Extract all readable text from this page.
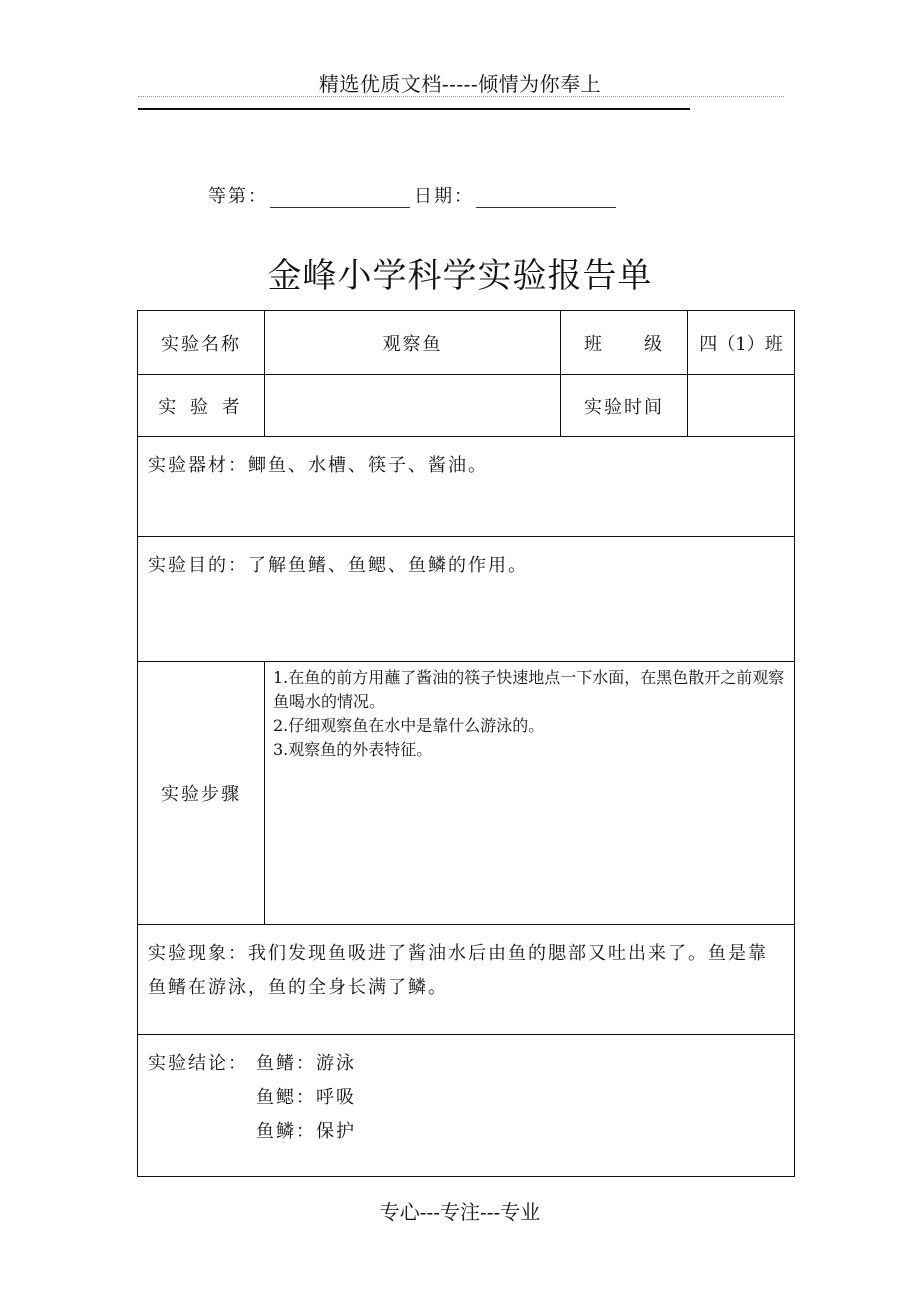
精选优质文档-----倾情为你奉上
等第：	日期：
金峰小学科学实验报告单
实验名称	观察鱼	班　　级	四（1）班
实 验 者		实验时间	
实验器材：鲫鱼、水槽、筷子、酱油。			
实验目的：了解鱼鳍、鱼鳃、鱼鳞的作用。			
实验步骤	1.在鱼的前方用蘸了酱油的筷子快速地点一下水面，在黑色散开之前观察鱼喝水的情况。
2.仔细观察鱼在水中是靠什么游泳的。
3.观察鱼的外表特征。		

实验现象：我们发现鱼吸进了酱油水后由鱼的腮部又吐出来了。鱼是靠鱼鳍在游泳，鱼的全身长满了鳞。			

实验结论： 鱼鳍：游泳
鱼鳃：呼吸
鱼鳞：保护			
专心---专注---专业
